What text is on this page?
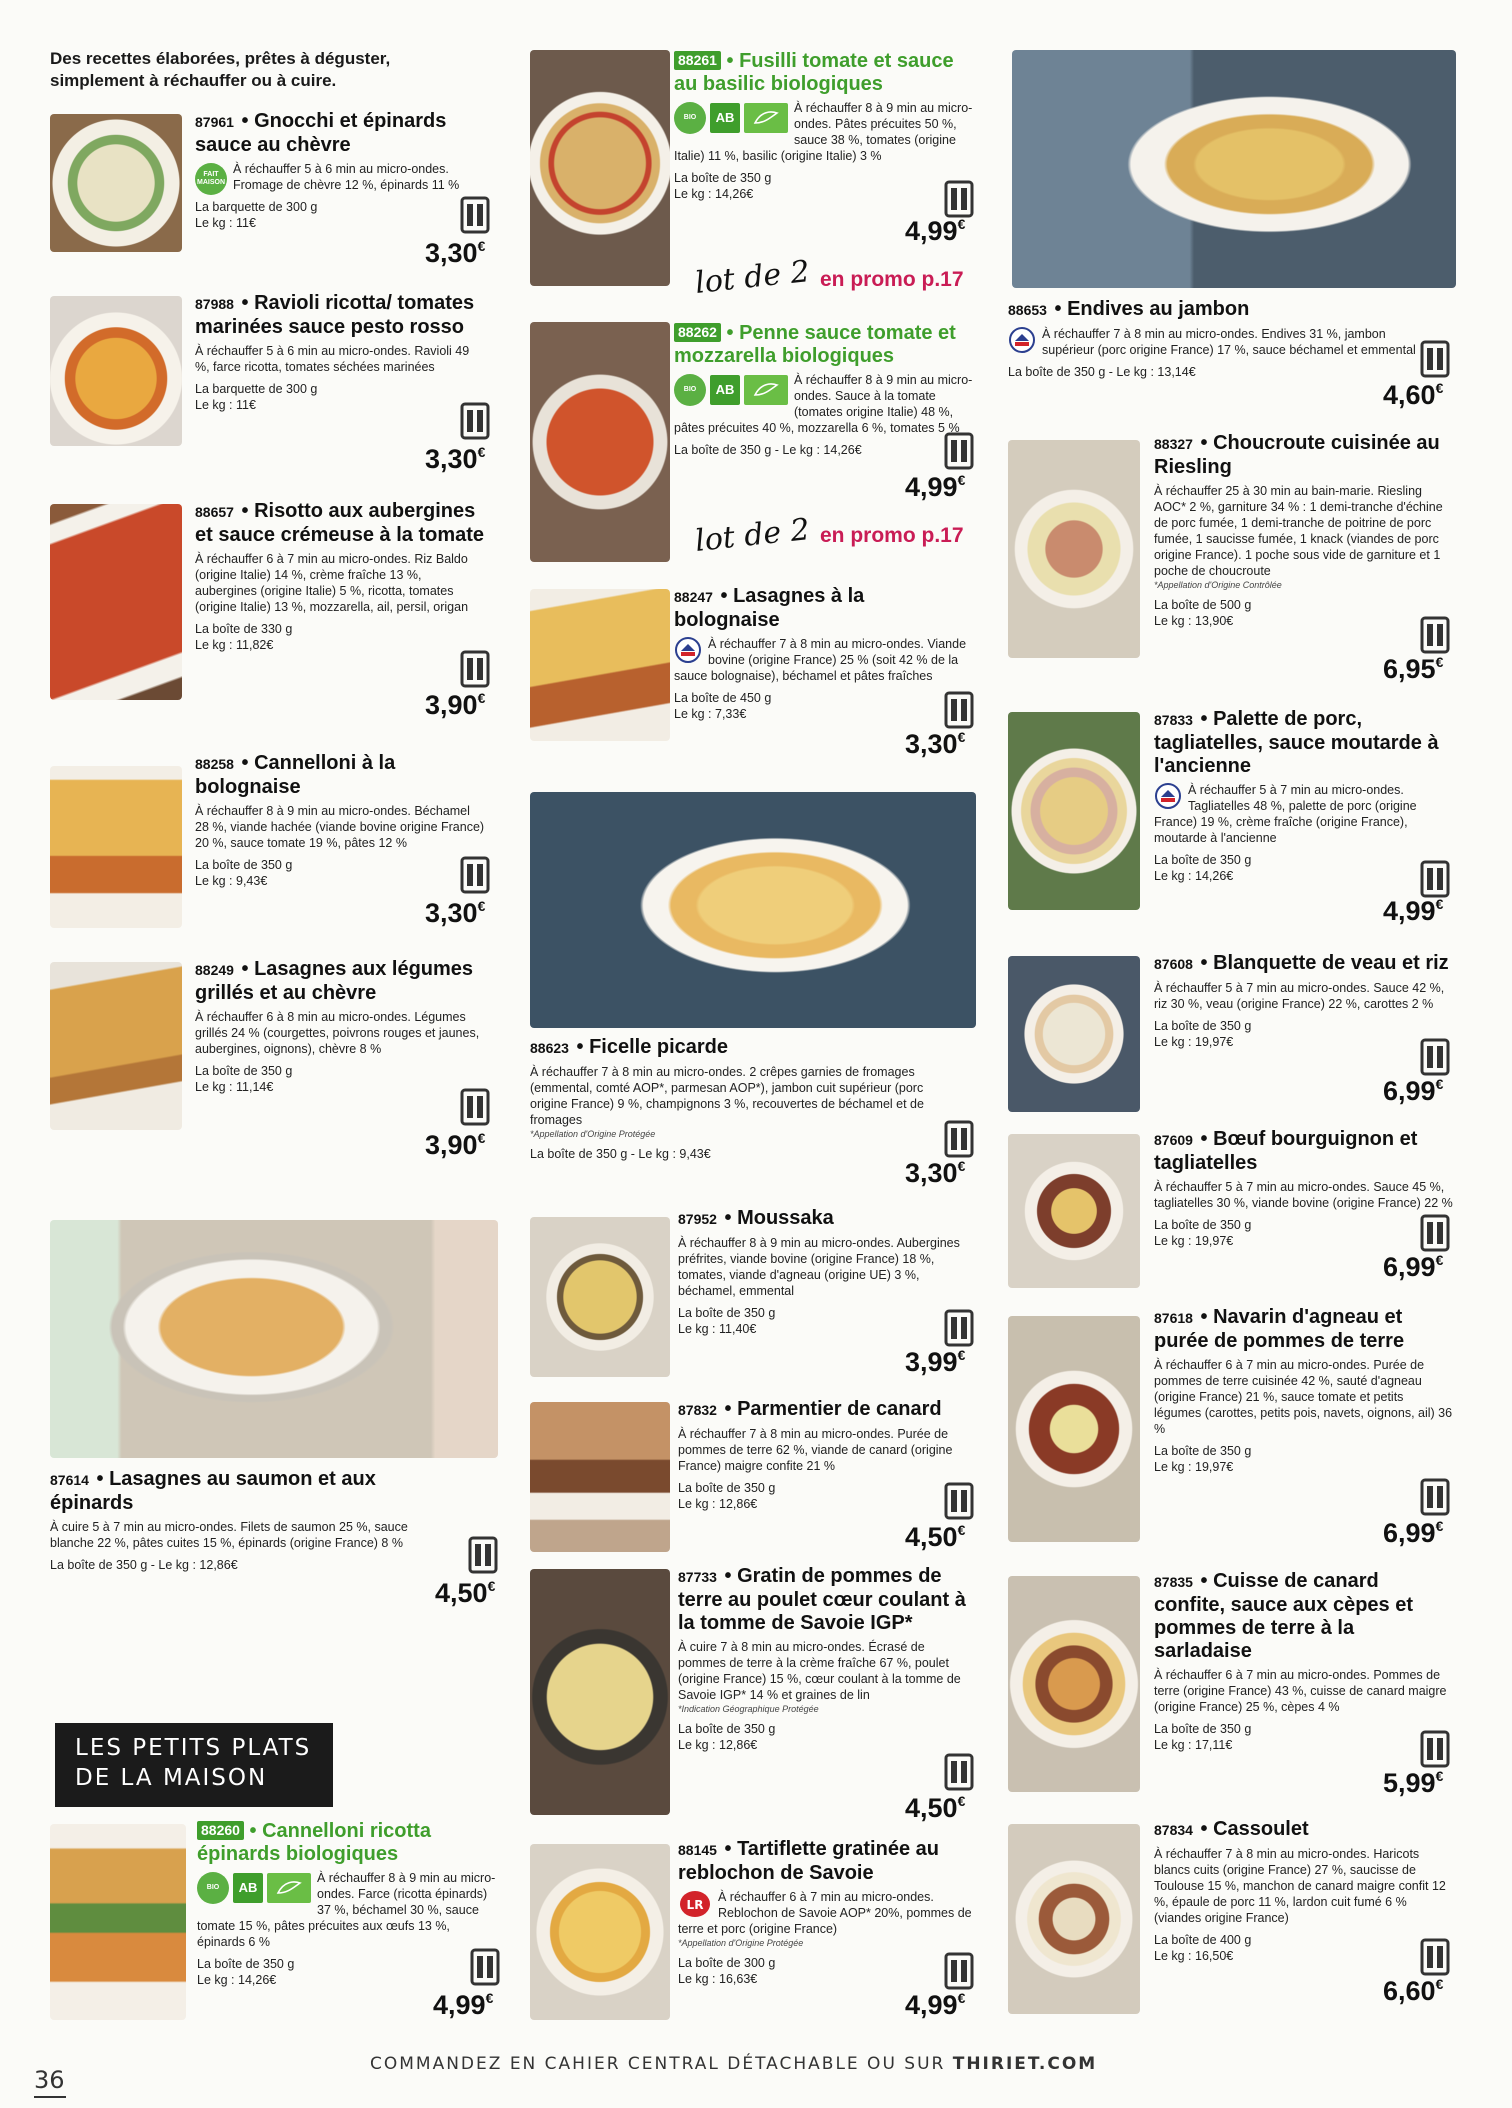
Des recettes élaborées, prêtes à déguster, simplement à réchauffer ou à cuire.
87961 • Gnocchi et épinards sauce au chèvre
FAIT MAISON
À réchauffer 5 à 6 min au micro-ondes. Fromage de chèvre 12 %, épinards 11 %
La barquette de 300 g
Le kg : 11€
3,30€
87988 • Ravioli ricotta/ tomates marinées sauce pesto rosso
À réchauffer 5 à 6 min au micro-ondes. Ravioli 49 %, farce ricotta, tomates séchées marinées
La barquette de 300 g
Le kg : 11€
3,30€
88657 • Risotto aux aubergines et sauce crémeuse à la tomate
À réchauffer 6 à 7 min au micro-ondes. Riz Baldo (origine Italie) 14 %, crème fraîche 13 %, aubergines (origine Italie) 5 %, ricotta, tomates (origine Italie) 13 %, mozzarella, ail, persil, origan
La boîte de 330 g
Le kg : 11,82€
3,90€
88258 • Cannelloni à la bolognaise
À réchauffer 8 à 9 min au micro-ondes. Béchamel 28 %, viande hachée (viande bovine origine France) 20 %, sauce tomate 19 %, pâtes 12 %
La boîte de 350 g
Le kg : 9,43€
3,30€
88249 • Lasagnes aux légumes grillés et au chèvre
À réchauffer 6 à 8 min au micro-ondes. Légumes grillés 24 % (courgettes, poivrons rouges et jaunes, aubergines, oignons), chèvre 8 %
La boîte de 350 g
Le kg : 11,14€
3,90€
87614 • Lasagnes au saumon et aux épinards
À cuire 5 à 7 min au micro-ondes. Filets de saumon 25 %, sauce blanche 22 %, pâtes cuites 15 %, épinards (origine France) 8 %
La boîte de 350 g - Le kg : 12,86€
4,50€
LES PETITS PLATS
DE LA MAISON
88260 • Cannelloni ricotta épinards biologiques
BIO	AB
À réchauffer 8 à 9 min au micro-ondes. Farce (ricotta épinards) 37 %, béchamel 30 %, sauce tomate 15 %, pâtes précuites aux œufs 13 %, épinards 6 %
La boîte de 350 g
Le kg : 14,26€
4,99€
88261 • Fusilli tomate et sauce au basilic biologiques
BIO	AB
À réchauffer 8 à 9 min au micro-ondes. Pâtes précuites 50 %, sauce 38 %, tomates (origine Italie) 11 %, basilic (origine Italie) 3 %
La boîte de 350 g
Le kg : 14,26€
4,99€
lot de 2 en promo p.17
88262 • Penne sauce tomate et mozzarella biologiques
BIO	AB
À réchauffer 8 à 9 min au micro-ondes. Sauce à la tomate (tomates origine Italie) 48 %, pâtes précuites 40 %, mozzarella 6 %, tomates 5 %
La boîte de 350 g - Le kg : 14,26€
4,99€
lot de 2 en promo p.17
88247 • Lasagnes à la bolognaise
À réchauffer 7 à 8 min au micro-ondes. Viande bovine (origine France) 25 % (soit 42 % de la sauce bolognaise), béchamel et pâtes fraîches
La boîte de 450 g
Le kg : 7,33€
3,30€
88623 • Ficelle picarde
À réchauffer 7 à 8 min au micro-ondes. 2 crêpes garnies de fromages (emmental, comté AOP*, parmesan AOP*), jambon cuit supérieur (porc origine France) 9 %, champignons 3 %, recouvertes de béchamel et de fromages
*Appellation d'Origine Protégée
La boîte de 350 g - Le kg : 9,43€
3,30€
87952 • Moussaka
À réchauffer 8 à 9 min au micro-ondes. Aubergines préfrites, viande bovine (origine France) 18 %, tomates, viande d'agneau (origine UE) 3 %, béchamel, emmental
La boîte de 350 g
Le kg : 11,40€
3,99€
87832 • Parmentier de canard
À réchauffer 7 à 8 min au micro-ondes. Purée de pommes de terre 62 %, viande de canard (origine France) maigre confite 21 %
La boîte de 350 g
Le kg : 12,86€
4,50€
87733 • Gratin de pommes de terre au poulet cœur coulant à la tomme de Savoie IGP*
À cuire 7 à 8 min au micro-ondes. Écrasé de pommes de terre à la crème fraîche 67 %, poulet (origine France) 15 %, cœur coulant à la tomme de Savoie IGP* 14 % et graines de lin
*Indication Géographique Protégée
La boîte de 350 g
Le kg : 12,86€
4,50€
88145 • Tartiflette gratinée au reblochon de Savoie
LR
À réchauffer 6 à 7 min au micro-ondes. Reblochon de Savoie AOP* 20%, pommes de terre et porc (origine France)
*Appellation d'Origine Protégée
La boîte de 300 g
Le kg : 16,63€
4,99€
88653 • Endives au jambon
À réchauffer 7 à 8 min au micro-ondes. Endives 31 %, jambon supérieur (porc origine France) 17 %, sauce béchamel et emmental
La boîte de 350 g - Le kg : 13,14€
4,60€
88327 • Choucroute cuisinée au Riesling
À réchauffer 25 à 30 min au bain-marie. Riesling AOC* 2 %, garniture 34 % : 1 demi-tranche d'échine de porc fumée, 1 demi-tranche de poitrine de porc fumée, 1 saucisse fumée, 1 knack (viandes de porc origine France). 1 poche sous vide de garniture et 1 poche de choucroute
*Appellation d'Origine Contrôlée
La boîte de 500 g
Le kg : 13,90€
6,95€
87833 • Palette de porc, tagliatelles, sauce moutarde à l'ancienne
À réchauffer 5 à 7 min au micro-ondes. Tagliatelles 48 %, palette de porc (origine France) 19 %, crème fraîche (origine France), moutarde à l'ancienne
La boîte de 350 g
Le kg : 14,26€
4,99€
87608 • Blanquette de veau et riz
À réchauffer 5 à 7 min au micro-ondes. Sauce 42 %, riz 30 %, veau (origine France) 22 %, carottes 2 %
La boîte de 350 g
Le kg : 19,97€
6,99€
87609 • Bœuf bourguignon et tagliatelles
À réchauffer 5 à 7 min au micro-ondes. Sauce 45 %, tagliatelles 30 %, viande bovine (origine France) 22 %
La boîte de 350 g
Le kg : 19,97€
6,99€
87618 • Navarin d'agneau et purée de pommes de terre
À réchauffer 6 à 7 min au micro-ondes. Purée de pommes de terre cuisinée 42 %, sauté d'agneau (origine France) 21 %, sauce tomate et petits légumes (carottes, petits pois, navets, oignons, ail) 36 %
La boîte de 350 g
Le kg : 19,97€
6,99€
87835 • Cuisse de canard confite, sauce aux cèpes et pommes de terre à la sarladaise
À réchauffer 6 à 7 min au micro-ondes. Pommes de terre (origine France) 43 %, cuisse de canard maigre (origine France) 25 %, cèpes 4 %
La boîte de 350 g
Le kg : 17,11€
5,99€
87834 • Cassoulet
À réchauffer 7 à 8 min au micro-ondes. Haricots blancs cuits (origine France) 27 %, saucisse de Toulouse 15 %, manchon de canard maigre confit 12 %, épaule de porc 11 %, lardon cuit fumé 6 % (viandes origine France)
La boîte de 400 g
Le kg : 16,50€
6,60€
COMMANDEZ EN CAHIER CENTRAL DÉTACHABLE OU SUR THIRIET.COM
36
